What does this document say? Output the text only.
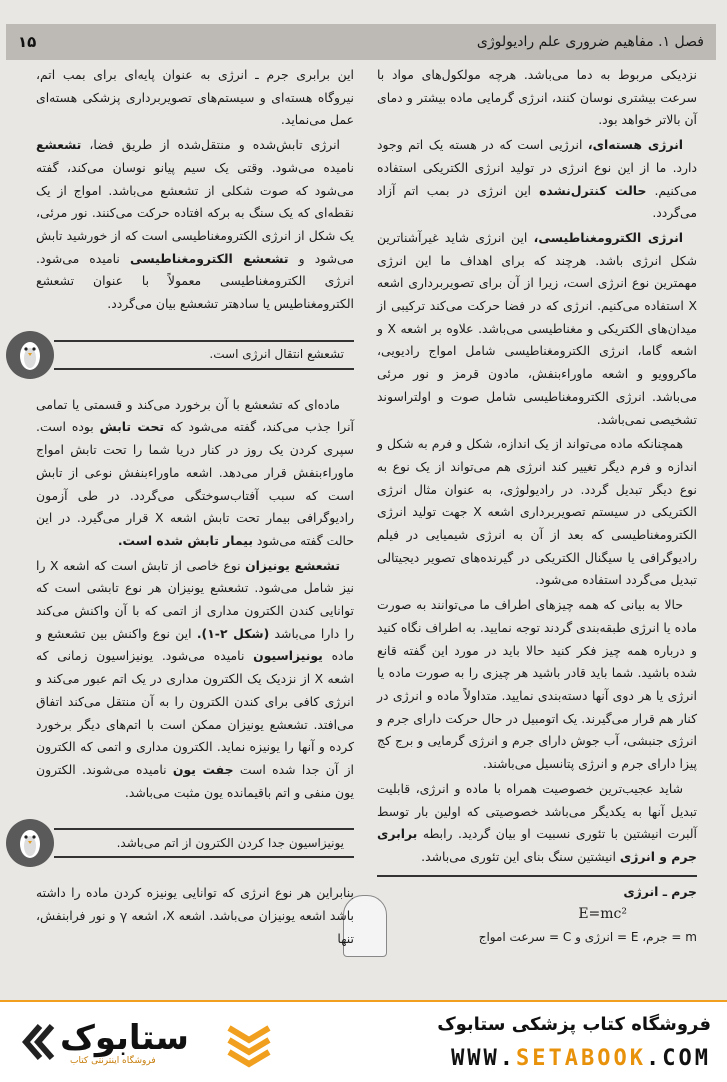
فصل ۱. مفاهیم ضروری علم رادیولوژی
۱۵

نزدیکی مربوط به دما می‌باشد. هرچه مولکول‌های مواد با سرعت بیشتری نوسان کنند، انرژی گرمایی ماده بیشتر و دمای آن بالاتر خواهد بود.

انرژی هسته‌ای، انرژیی است که در هسته یک اتم وجود دارد. ما از این نوع انرژی در تولید انرژی الکتریکی استفاده می‌کنیم. حالت کنترل‌نشده این انرژی در بمب اتم آزاد می‌گردد.

انرژی الکترومغناطیسی، این انرژی شاید غیرآشناترین شکل انرژی باشد. هرچند که برای اهداف ما این انرژی مهمترین نوع انرژی است، زیرا از آن برای تصویربرداری اشعه X استفاده می‌کنیم. انرژی که در فضا حرکت می‌کند ترکیبی از میدان‌های الکتریکی و مغناطیسی می‌باشد. علاوه بر اشعه X و اشعه گاما، انرژی الکترومغناطیسی شامل امواج رادیویی، ماکروویو و اشعه ماوراءبنفش، مادون قرمز و نور مرئی می‌باشد. انرژی الکترومغناطیسی شامل صوت و اولتراسوند تشخیصی نمی‌باشد.

همچنانکه ماده می‌تواند از یک اندازه، شکل و فرم به شکل و اندازه و فرم دیگر تغییر کند انرژی هم می‌تواند از یک نوع به نوع دیگر تبدیل گردد. در رادیولوژی، به عنوان مثال انرژی الکتریکی در سیستم تصویربرداری اشعه X جهت تولید انرژی الکترومغناطیسی که بعد از آن به انرژی شیمیایی در فیلم رادیوگرافی یا سیگنال الکتریکی در گیرنده‌های تصویر دیجیتالی تبدیل می‌گردد استفاده می‌شود.

حالا به بیانی که همه چیزهای اطراف ما می‌توانند به صورت ماده یا انرژی طبقه‌بندی گردند توجه نمایید. به اطراف نگاه کنید و درباره همه چیز فکر کنید حالا باید در مورد این گفته قانع شده باشید. شما باید قادر باشید هر چیزی را به صورت ماده یا انرژی یا هر دوی آنها دسته‌بندی نمایید. متداولاً ماده و انرژی در کنار هم قرار می‌گیرند. یک اتومبیل در حال حرکت دارای جرم و انرژی جنبشی، آب جوش دارای جرم و انرژی گرمایی و برج کج پیزا دارای جرم و انرژی پتانسیل می‌باشند.

شاید عجیب‌ترین خصوصیت همراه با ماده و انرژی، قابلیت تبدیل آنها به یکدیگر می‌باشد خصوصیتی که اولین بار توسط آلبرت انیشتین با تئوری نسبیت او بیان گردید. رابطه برابری جرم و انرژی انیشتین سنگ بنای این تئوری می‌باشد.

جرم ـ انرژی
E=mc²
m = جرم، E = انرژی و C = سرعت امواج

این برابری جرم ـ انرژی به عنوان پایه‌ای برای بمب اتم، نیروگاه هسته‌ای و سیستم‌های تصویربرداری پزشکی هسته‌ای عمل می‌نماید.

انرژی تابش‌شده و منتقل‌شده از طریق فضا، تشعشع نامیده می‌شود. وقتی یک سیم پیانو نوسان می‌کند، گفته می‌شود که صوت شکلی از تشعشع می‌باشد. امواج از یک نقطه‌ای که یک سنگ به برکه افتاده حرکت می‌کنند. نور مرئی، یک شکل از انرژی الکترومغناطیسی است که از خورشید تابش می‌شود و تشعشع الکترومغناطیسی نامیده می‌شود. انرژی الکترومغناطیسی معمولاً با عنوان تشعشع الکترومغناطیس یا سادهتر تشعشع بیان می‌گردد.

تشعشع انتقال انرژی است.

ماده‌ای که تشعشع با آن برخورد می‌کند و قسمتی یا تمامی آنرا جذب می‌کند، گفته می‌شود که تحت تابش بوده است. سپری کردن یک روز در کنار دریا شما را تحت تابش امواج ماوراءبنفش قرار می‌دهد. اشعه ماوراءبنفش نوعی از تابش است که سبب آفتاب‌سوختگی می‌گردد. در طی آزمون رادیوگرافی بیمار تحت تابش اشعه X قرار می‌گیرد. در این حالت گفته می‌شود بیمار تابش شده است.

تشعشع یونیزان نوع خاصی از تابش است که اشعه X را نیز شامل می‌شود. تشعشع یونیزان هر نوع تابشی است که توانایی کندن الکترون مداری از اتمی که با آن واکنش می‌کند را دارا می‌باشد (شکل ۲-۱). این نوع واکنش بین تشعشع و ماده یونیزاسیون نامیده می‌شود. یونیزاسیون زمانی که اشعه X از نزدیک یک الکترون مداری در یک اتم عبور می‌کند و انرژی کافی برای کندن الکترون را به آن منتقل می‌کند اتفاق می‌افتد. تشعشع یونیزان ممکن است با اتم‌های دیگر برخورد کرده و آنها را یونیزه نماید. الکترون مداری و اتمی که الکترون از آن جدا شده است جفت یون نامیده می‌شوند. الکترون یون منفی و اتم باقیمانده یون مثبت می‌باشد.

یونیزاسیون جدا کردن الکترون از اتم می‌باشد.

بنابراین هر نوع انرژی که توانایی یونیزه کردن ماده را داشته باشد اشعه یونیزان می‌باشد. اشعه X، اشعه γ و نور فرابنفش، تنها

ستابوک
فروشگاه اینترنتی کتاب
فروشگاه کتاب پزشکی ستابوک
WWW.SETABOOK.COM
